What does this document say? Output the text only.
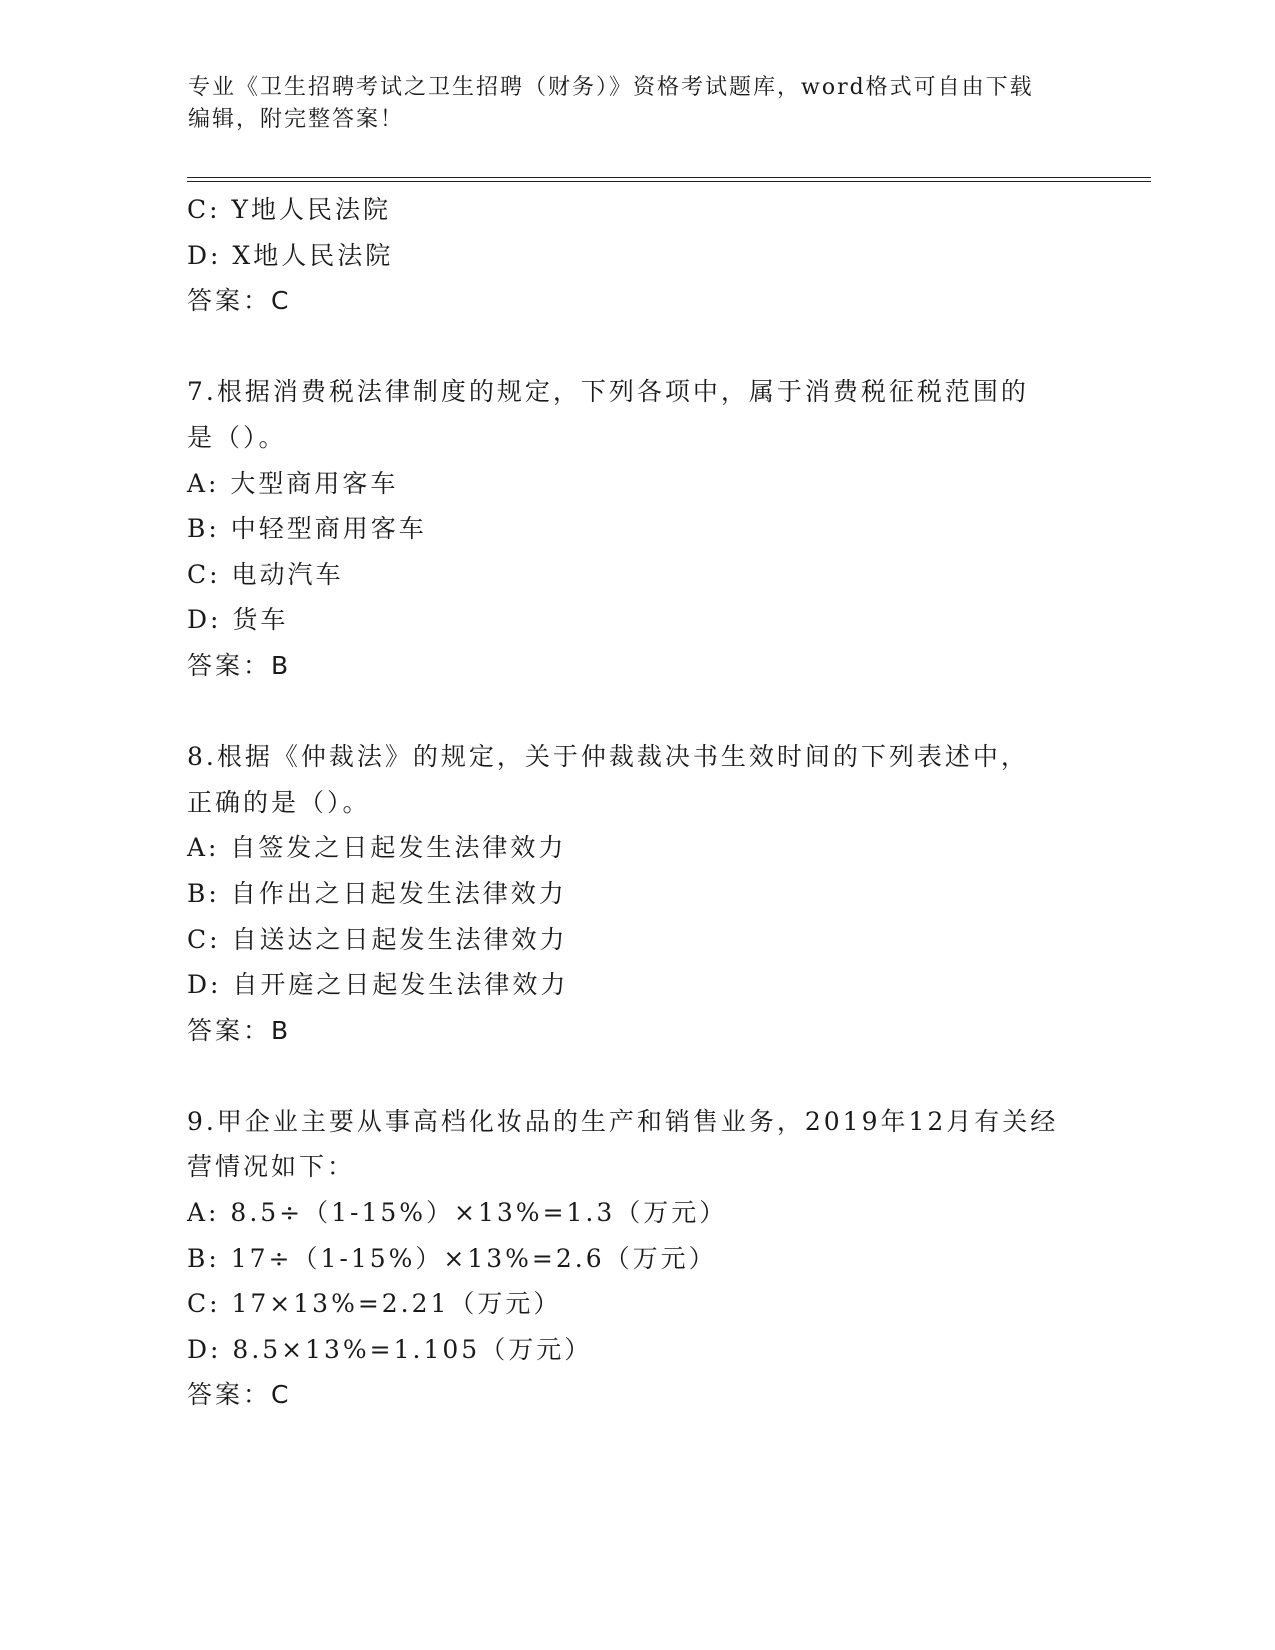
专业《卫生招聘考试之卫生招聘（财务）》资格考试题库，word格式可自由下载
编辑，附完整答案！
C: Y地人民法院
D: X地人民法院
答案：C
7.根据消费税法律制度的规定，下列各项中，属于消费税征税范围的
是（）。
A: 大型商用客车
B: 中轻型商用客车
C: 电动汽车
D: 货车
答案：B
8.根据《仲裁法》的规定，关于仲裁裁决书生效时间的下列表述中，
正确的是（）。
A: 自签发之日起发生法律效力
B: 自作出之日起发生法律效力
C: 自送达之日起发生法律效力
D: 自开庭之日起发生法律效力
答案：B
9.甲企业主要从事高档化妆品的生产和销售业务，2019年12月有关经
营情况如下：
A: 8.5÷（1-15%）×13%=1.3（万元）
B: 17÷（1-15%）×13%=2.6（万元）
C: 17×13%=2.21（万元）
D: 8.5×13%=1.105（万元）
答案：C
